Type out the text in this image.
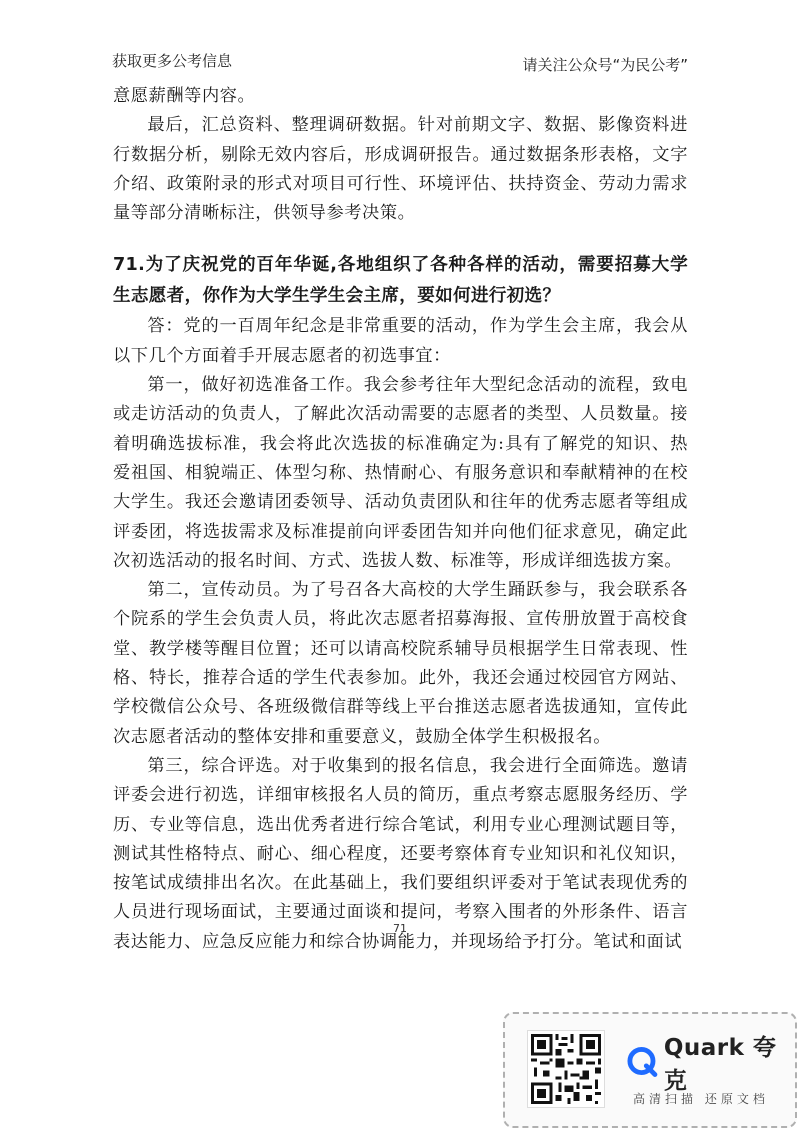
获取更多公考信息	请关注公众号“为民公考”

意愿薪酬等内容。

最后，汇总资料、整理调研数据。针对前期文字、数据、影像资料进行数据分析，剔除无效内容后，形成调研报告。通过数据条形表格，文字介绍、政策附录的形式对项目可行性、环境评估、扶持资金、劳动力需求量等部分清晰标注，供领导参考决策。

71.为了庆祝党的百年华诞,各地组织了各种各样的活动，需要招募大学生志愿者，你作为大学生学生会主席，要如何进行初选？

答：党的一百周年纪念是非常重要的活动，作为学生会主席，我会从以下几个方面着手开展志愿者的初选事宜：

第一，做好初选准备工作。我会参考往年大型纪念活动的流程，致电或走访活动的负责人，了解此次活动需要的志愿者的类型、人员数量。接着明确选拔标准，我会将此次选拔的标准确定为:具有了解党的知识、热爱祖国、相貌端正、体型匀称、热情耐心、有服务意识和奉献精神的在校大学生。我还会邀请团委领导、活动负责团队和往年的优秀志愿者等组成评委团，将选拔需求及标准提前向评委团告知并向他们征求意见，确定此次初选活动的报名时间、方式、选拔人数、标准等，形成详细选拔方案。

第二，宣传动员。为了号召各大高校的大学生踊跃参与，我会联系各个院系的学生会负责人员，将此次志愿者招募海报、宣传册放置于高校食堂、教学楼等醒目位置；还可以请高校院系辅导员根据学生日常表现、性格、特长，推荐合适的学生代表参加。此外，我还会通过校园官方网站、学校微信公众号、各班级微信群等线上平台推送志愿者选拔通知，宣传此次志愿者活动的整体安排和重要意义，鼓励全体学生积极报名。

第三，综合评选。对于收集到的报名信息，我会进行全面筛选。邀请评委会进行初选，详细审核报名人员的简历，重点考察志愿服务经历、学历、专业等信息，选出优秀者进行综合笔试，利用专业心理测试题目等，测试其性格特点、耐心、细心程度，还要考察体育专业知识和礼仪知识，按笔试成绩排出名次。在此基础上，我们要组织评委对于笔试表现优秀的人员进行现场面试，主要通过面谈和提问，考察入围者的外形条件、语言表达能力、应急反应能力和综合协调能力，并现场给予打分。笔试和面试

71
Quark 夸克
高清扫描 还原文档
